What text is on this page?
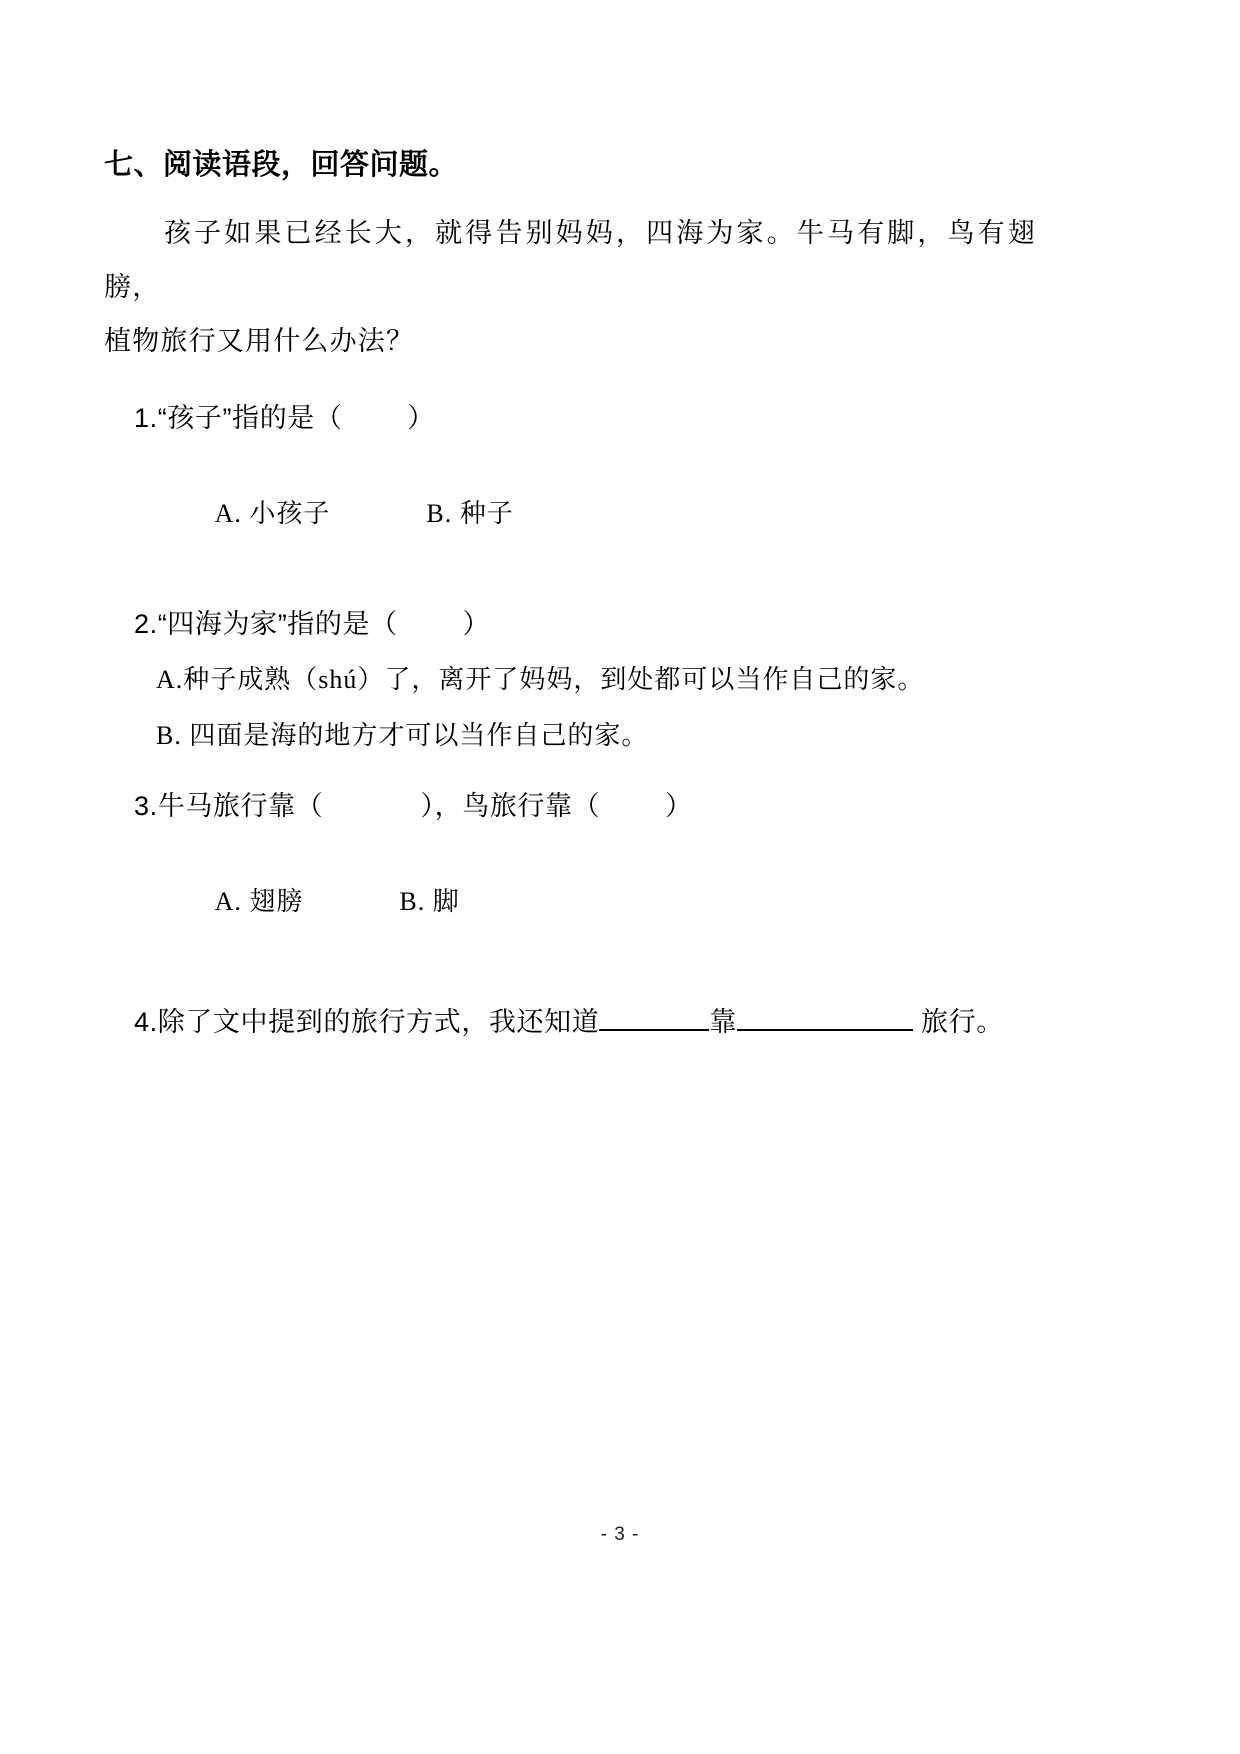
七、阅读语段，回答问题。
孩子如果已经长大，就得告别妈妈，四海为家。牛马有脚，鸟有翅膀，
植物旅行又用什么办法？
1.“孩子”指的是（        ）

A. 小孩子	B. 种子

2.“四海为家”指的是（        ）
A.种子成熟（shú）了，离开了妈妈，到处都可以当作自己的家。
B. 四面是海的地方才可以当作自己的家。
3.牛马旅行靠（            ），鸟旅行靠（        ）

A. 翅膀	B. 脚

4.除了文中提到的旅行方式，我还知道	靠	旅行。
- 3 -
